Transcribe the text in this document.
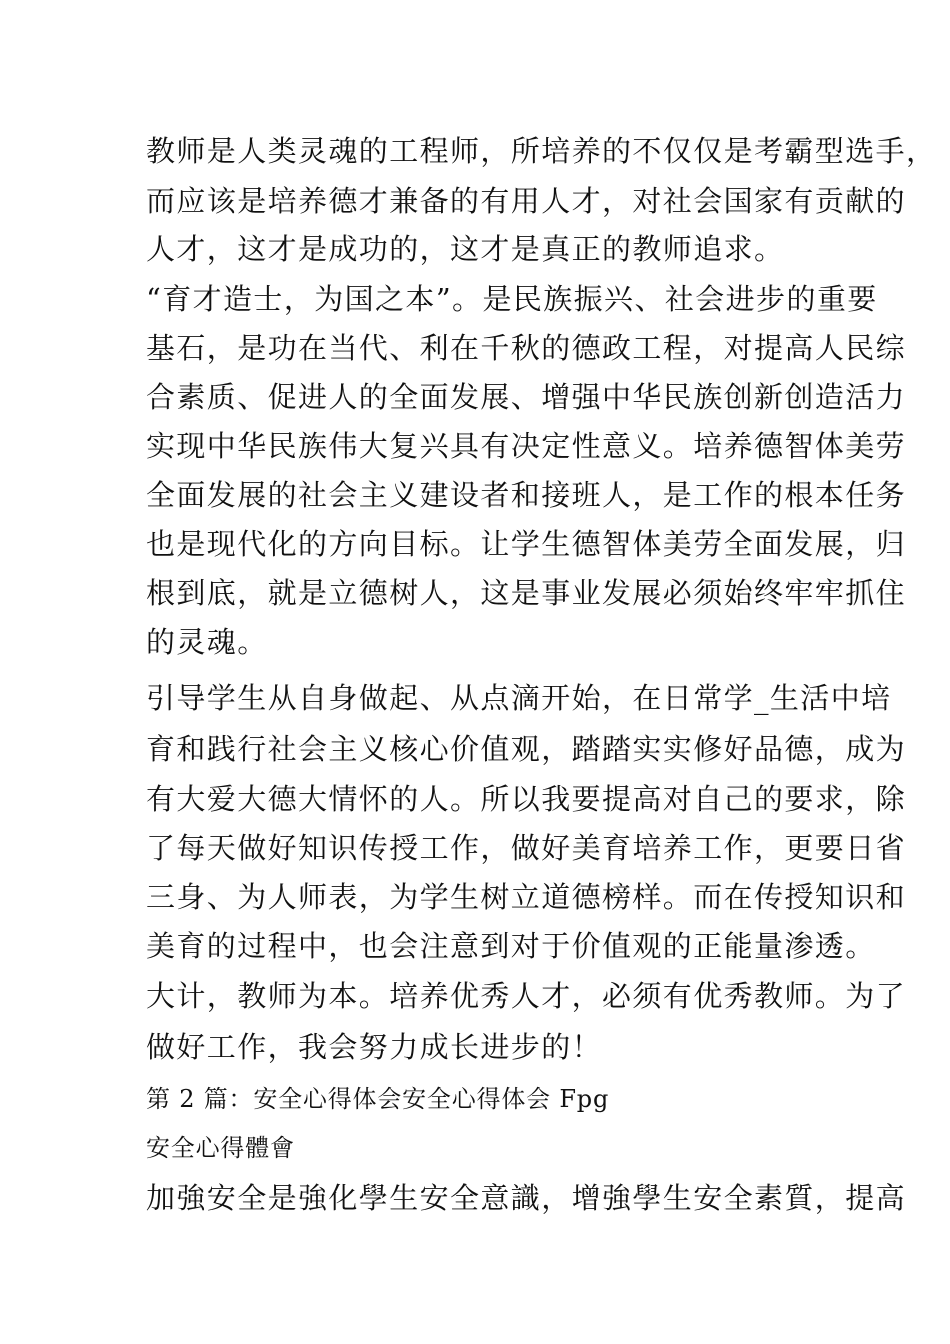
教师是人类灵魂的工程师，所培养的不仅仅是考霸型选手，
而应该是培养德才兼备的有用人才，对社会国家有贡献的
人才，这才是成功的，这才是真正的教师追求。
“育才造士，为国之本”。是民族振兴、社会进步的重要
基石，是功在当代、利在千秋的德政工程，对提高人民综
合素质、促进人的全面发展、增强中华民族创新创造活力
实现中华民族伟大复兴具有决定性意义。培养德智体美劳
全面发展的社会主义建设者和接班人，是工作的根本任务
也是现代化的方向目标。让学生德智体美劳全面发展，归
根到底，就是立德树人，这是事业发展必须始终牢牢抓住
的灵魂。
引导学生从自身做起、从点滴开始，在日常学_生活中培
育和践行社会主义核心价值观，踏踏实实修好品德，成为
有大爱大德大情怀的人。所以我要提高对自己的要求，除
了每天做好知识传授工作，做好美育培养工作，更要日省
三身、为人师表，为学生树立道德榜样。而在传授知识和
美育的过程中，也会注意到对于价值观的正能量渗透。
大计，教师为本。培养优秀人才，必须有优秀教师。为了
做好工作，我会努力成长进步的！
第 2 篇：安全心得体会安全心得体会 Fpg
安全心得體會
加強安全是強化學生安全意識，增強學生安全素質，提高
